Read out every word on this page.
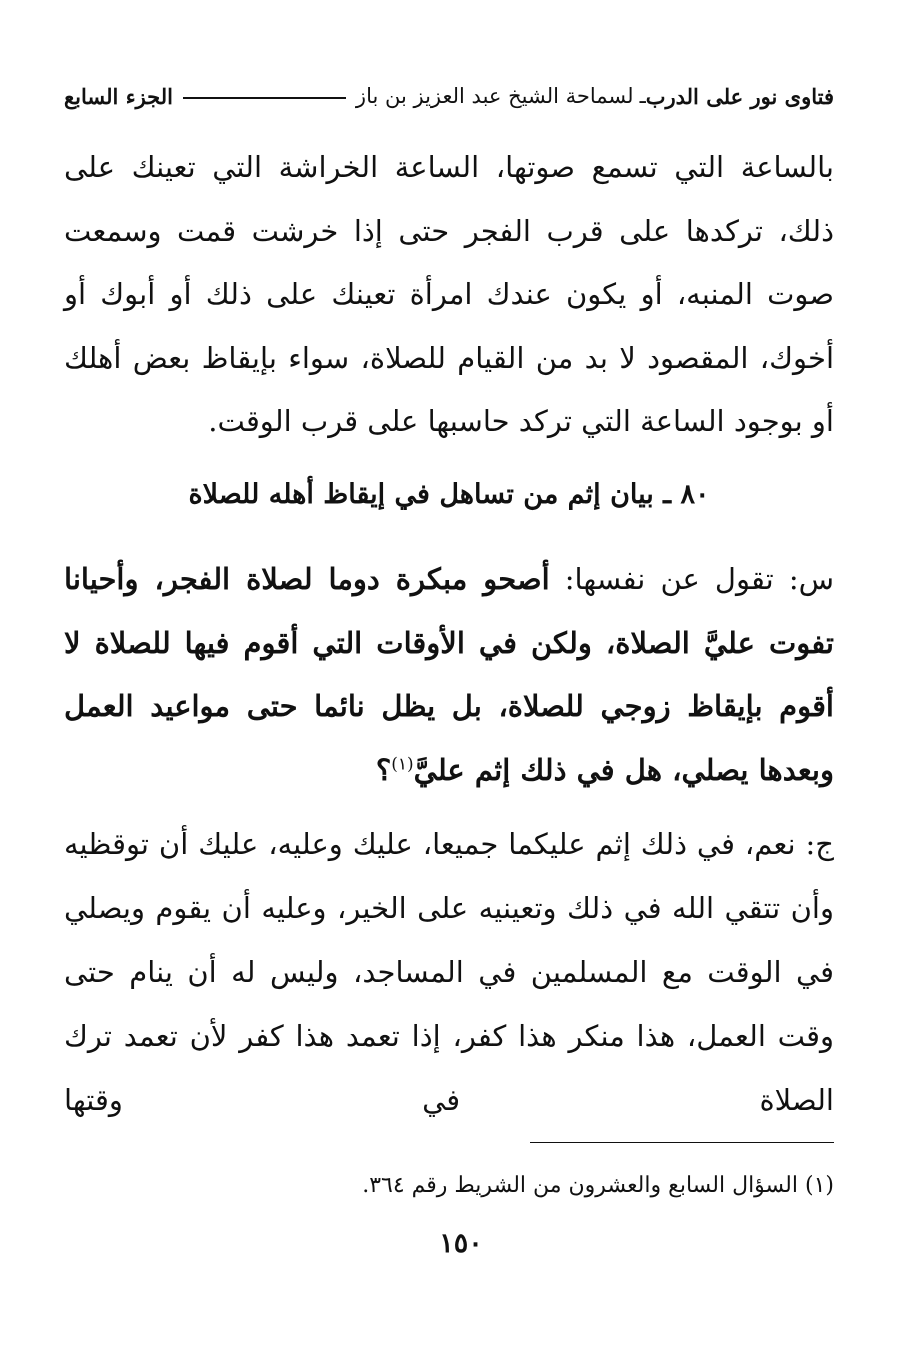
فتاوى نور على الدرب
ـ
لسماحة الشيخ عبد العزيز بن باز
الجزء السابع
بالساعة التي تسمع صوتها، الساعة الخراشة التي تعينك على ذلك، تركدها على قرب الفجر حتى إذا خرشت قمت وسمعت صوت المنبه، أو يكون عندك امرأة تعينك على ذلك أو أبوك أو أخوك، المقصود لا بد من القيام للصلاة، سواء بإيقاظ بعض أهلك أو بوجود الساعة التي تركد حاسبها على قرب الوقت.
٨٠ ـ بيان إثم من تساهل في إيقاظ أهله للصلاة
س: تقول عن نفسها: أصحو مبكرة دوما لصلاة الفجر، وأحيانا تفوت عليَّ الصلاة، ولكن في الأوقات التي أقوم فيها للصلاة لا أقوم بإيقاظ زوجي للصلاة، بل يظل نائما حتى مواعيد العمل وبعدها يصلي، هل في ذلك إثم عليَّ$^{(١)}$؟
ج: نعم، في ذلك إثم عليكما جميعا، عليك وعليه، عليك أن توقظيه وأن تتقي الله في ذلك وتعينيه على الخير، وعليه أن يقوم ويصلي في الوقت مع المسلمين في المساجد، وليس له أن ينام حتى وقت العمل، هذا منكر هذا كفر، إذا تعمد هذا كفر لأن تعمد ترك الصلاة في وقتها
(١) السؤال السابع والعشرون من الشريط رقم ٣٦٤.
١٥٠
